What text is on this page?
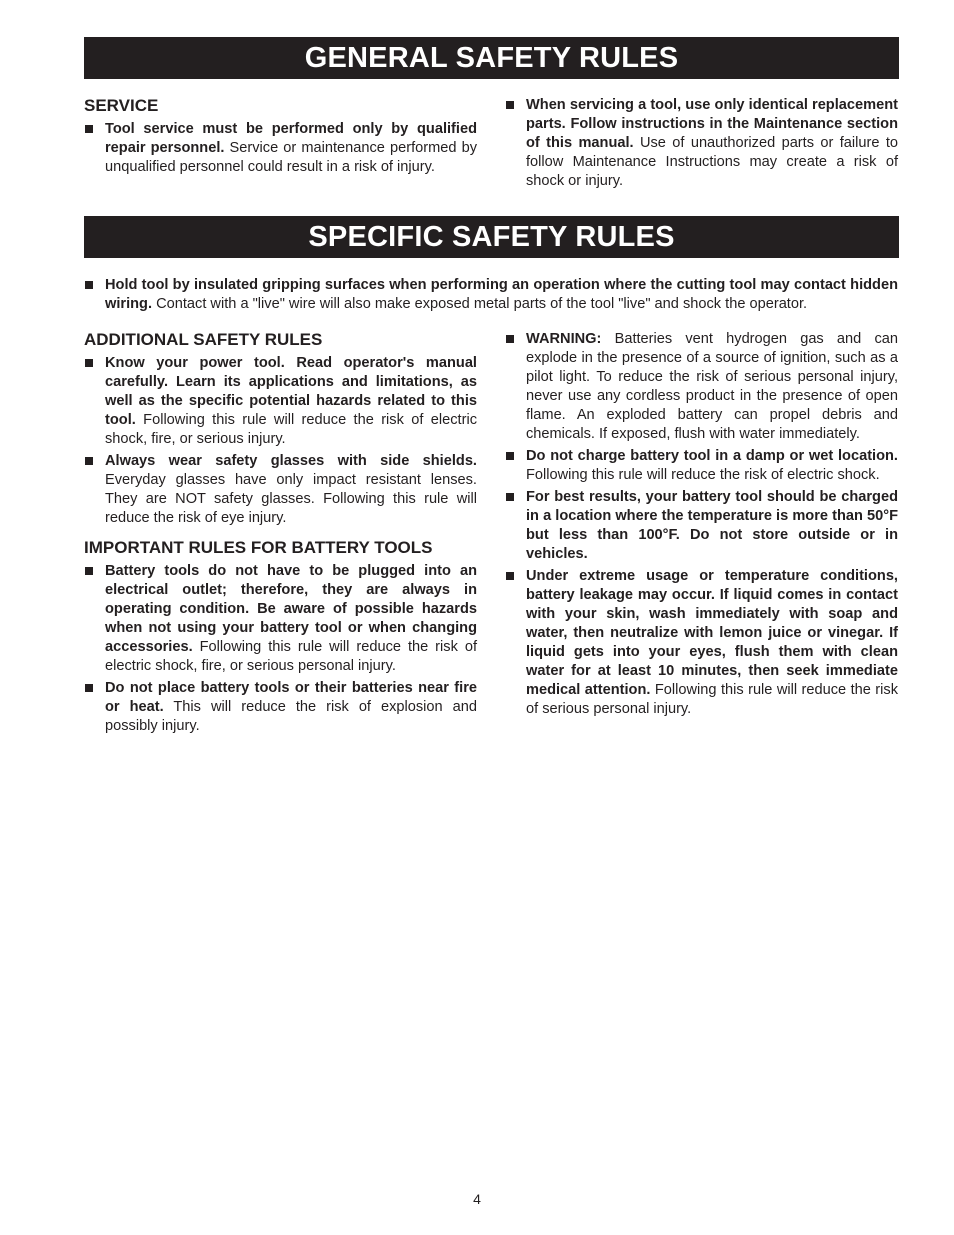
GENERAL SAFETY RULES
SERVICE
Tool service must be performed only by qualified repair personnel. Service or maintenance performed by unqualified personnel could result in a risk of injury.
When servicing a tool, use only identical replacement parts. Follow instructions in the Maintenance section of this manual. Use of unauthorized parts or failure to follow Maintenance Instructions may create a risk of shock or injury.
SPECIFIC SAFETY RULES
Hold tool by insulated gripping surfaces when performing an operation where the cutting tool may contact hidden wiring. Contact with a "live" wire will also make exposed metal parts of the tool "live" and shock the operator.
ADDITIONAL SAFETY RULES
Know your power tool. Read operator's manual carefully. Learn its applications and limitations, as well as the specific potential hazards related to this tool. Following this rule will reduce the risk of electric shock, fire, or serious injury.
Always wear safety glasses with side shields. Everyday glasses have only impact resistant lenses. They are NOT safety glasses. Following this rule will reduce the risk of eye injury.
IMPORTANT RULES FOR BATTERY TOOLS
Battery tools do not have to be plugged into an electrical outlet; therefore, they are always in operating condition. Be aware of possible hazards when not using your battery tool or when changing accessories. Following this rule will reduce the risk of electric shock, fire, or serious personal injury.
Do not place battery tools or their batteries near fire or heat. This will reduce the risk of explosion and possibly injury.
WARNING: Batteries vent hydrogen gas and can explode in the presence of a source of ignition, such as a pilot light. To reduce the risk of serious personal injury, never use any cordless product in the presence of open flame. An exploded battery can propel debris and chemicals. If exposed, flush with water immediately.
Do not charge battery tool in a damp or wet location. Following this rule will reduce the risk of electric shock.
For best results, your battery tool should be charged in a location where the temperature is more than 50°F but less than 100°F. Do not store outside or in vehicles.
Under extreme usage or temperature conditions, battery leakage may occur. If liquid comes in contact with your skin, wash immediately with soap and water, then neutralize with lemon juice or vinegar. If liquid gets into your eyes, flush them with clean water for at least 10 minutes, then seek immediate medical attention. Following this rule will reduce the risk of serious personal injury.
4
